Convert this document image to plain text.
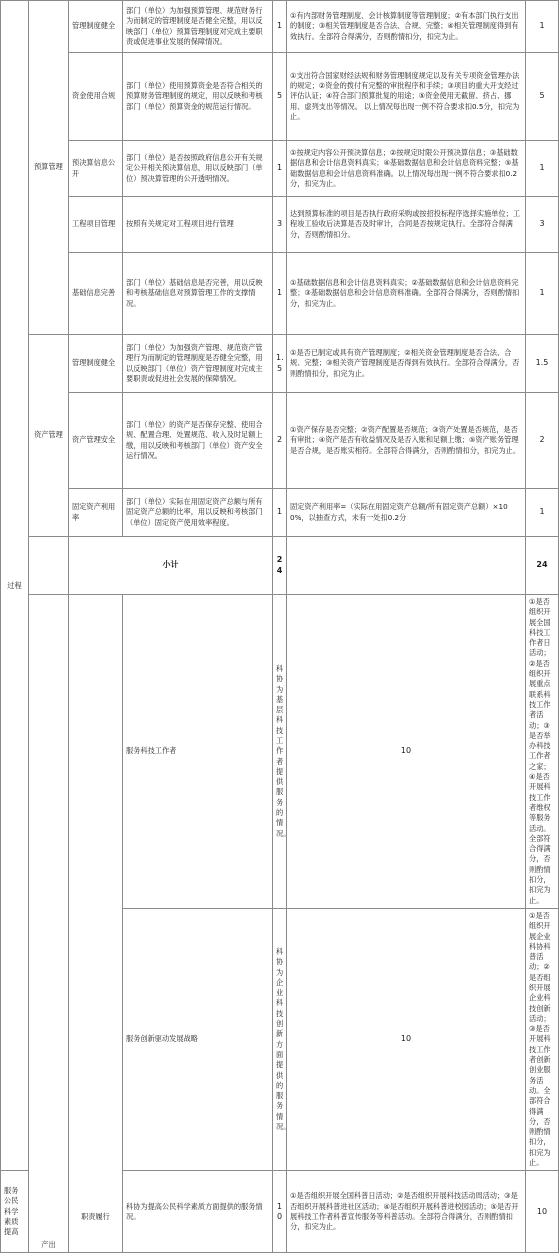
过程	预算管理	管理制度健全	部门（单位）为加强预算管理、规范财务行为而制定的管理制度是否健全完整，用以反映部门（单位）预算管理制度对完成主要职责或促进事业发展的保障情况。	1	①有内部财务管理制度、会计核算制度等管理制度；②有本部门执行支出的制度；③相关管理制度是否合法、合规、完整；④相关管理制度得到有效执行。全部符合得满分，否则酌情扣分，扣完为止。	1	
		资金使用合规	部门（单位）使用预算资金是否符合相关的预算财务管理制度的规定，用以反映和考核部门（单位）预算资金的规范运行情况。	5	①支出符合国家财经法规和财务管理制度规定以及有关专项资金管理办法的规定；②资金的拨付有完整的审批程序和手续；③项目的重大开支经过评估认证；④符合部门预算批复的用途；⑤资金使用无截留、挤占、挪用、虚列支出等情况。 以上情况每出现一例不符合要求扣0.5分，扣完为止。	5	
		预决算信息公开	部门（单位）是否按照政府信息公开有关规定公开相关预决算信息，用以反映部门（单位）预决算管理的公开透明情况。	1	①按规定内容公开预决算信息；②按规定时限公开预决算信息；③基础数据信息和会计信息资料真实；④基础数据信息和会计信息资料完整；⑤基础数据信息和会计信息资料准确。以上情况每出现一例不符合要求扣0.2分，扣完为止。	1	
		工程项目管理	按照有关规定对工程项目进行管理	3	达到预算标准的项目是否执行政府采购或按招投标程序选择实施单位；工程竣工验收后决算是否及时审计，合同是否按规定执行。全部符合得满分，否则酌情扣分。	3	
		基础信息完善	部门（单位）基础信息是否完善，用以反映和考核基础信息对预算管理工作的支撑情况。	1	①基础数据信息和会计信息资料真实；②基础数据信息和会计信息资料完整；③基础数据信息和会计信息资料准确。全部符合得满分，否则酌情扣分，扣完为止。	1	
	资产管理	管理制度健全	部门（单位）为加强资产管理、规范资产管理行为而制定的管理制度是否健全完整，用以反映部门（单位）资产管理制度对完成主要职责或促进社会发展的保障情况。	1.5	①是否已制定或具有资产管理制度；②相关资金管理制度是否合法、合规、完整；③相关资产管理制度是否得到有效执行。全部符合得满分，否则酌情扣分，扣完为止。	1.5	
		资产管理安全	部门（单位）的资产是否保存完整、使用合规、配置合理、处置规范、收入及时足额上缴，用以反映和考核部门（单位）资产安全运行情况。	2	①资产保存是否完整；②资产配置是否规范；③资产处置是否规范，是否有审批；④资产是否有收益情况及是否入账和足额上缴；⑤资产账务管理是否合规，是否账实相符。全部符合得满分，否则酌情扣分，扣完为止。	2	
		固定资产利用率	部门（单位）实际在用固定资产总额与所有固定资产总额的比率，用以反映和考核部门（单位）固定资产使用效率程度。	1	固定资产利用率=（实际在用固定资产总额/所有固定资产总额）×100%，以抽查方式，未有一处扣0.2分	1	
		小计		24		24	
	产出	职责履行	服务科技工作者	科协为基层科技工作者提供服务的情况。	10	①是否组织开展全国科技工作者日活动；②是否组织开展重点联系科技工作者活动；③是否举办科技工作者之家；④是否开展科技工作者维权等服务活动。全部符合得满分，否则酌情扣分，扣完为止。	
			服务创新驱动发展战略	科协为企业科技创新方面提供的服务情况。	10	①是否组织开展企业科协科普活动；②是否组织开展企业科技创新活动；③是否开展科技工作者创新创业服务活动。全部符合得满分，否则酌情扣分，扣完为止。	
服务公民科学素质提高			科协为提高公民科学素质方面提供的服务情况。	10	①是否组织开展全国科普日活动；②是否组织开展科技活动周活动；③是否组织开展科普进社区活动；④是否组织开展科普进校园活动；⑤是否开展科技工作者科普宣传服务等科普活动。全部符合得满分，否则酌情扣分，扣完为止。	10	
